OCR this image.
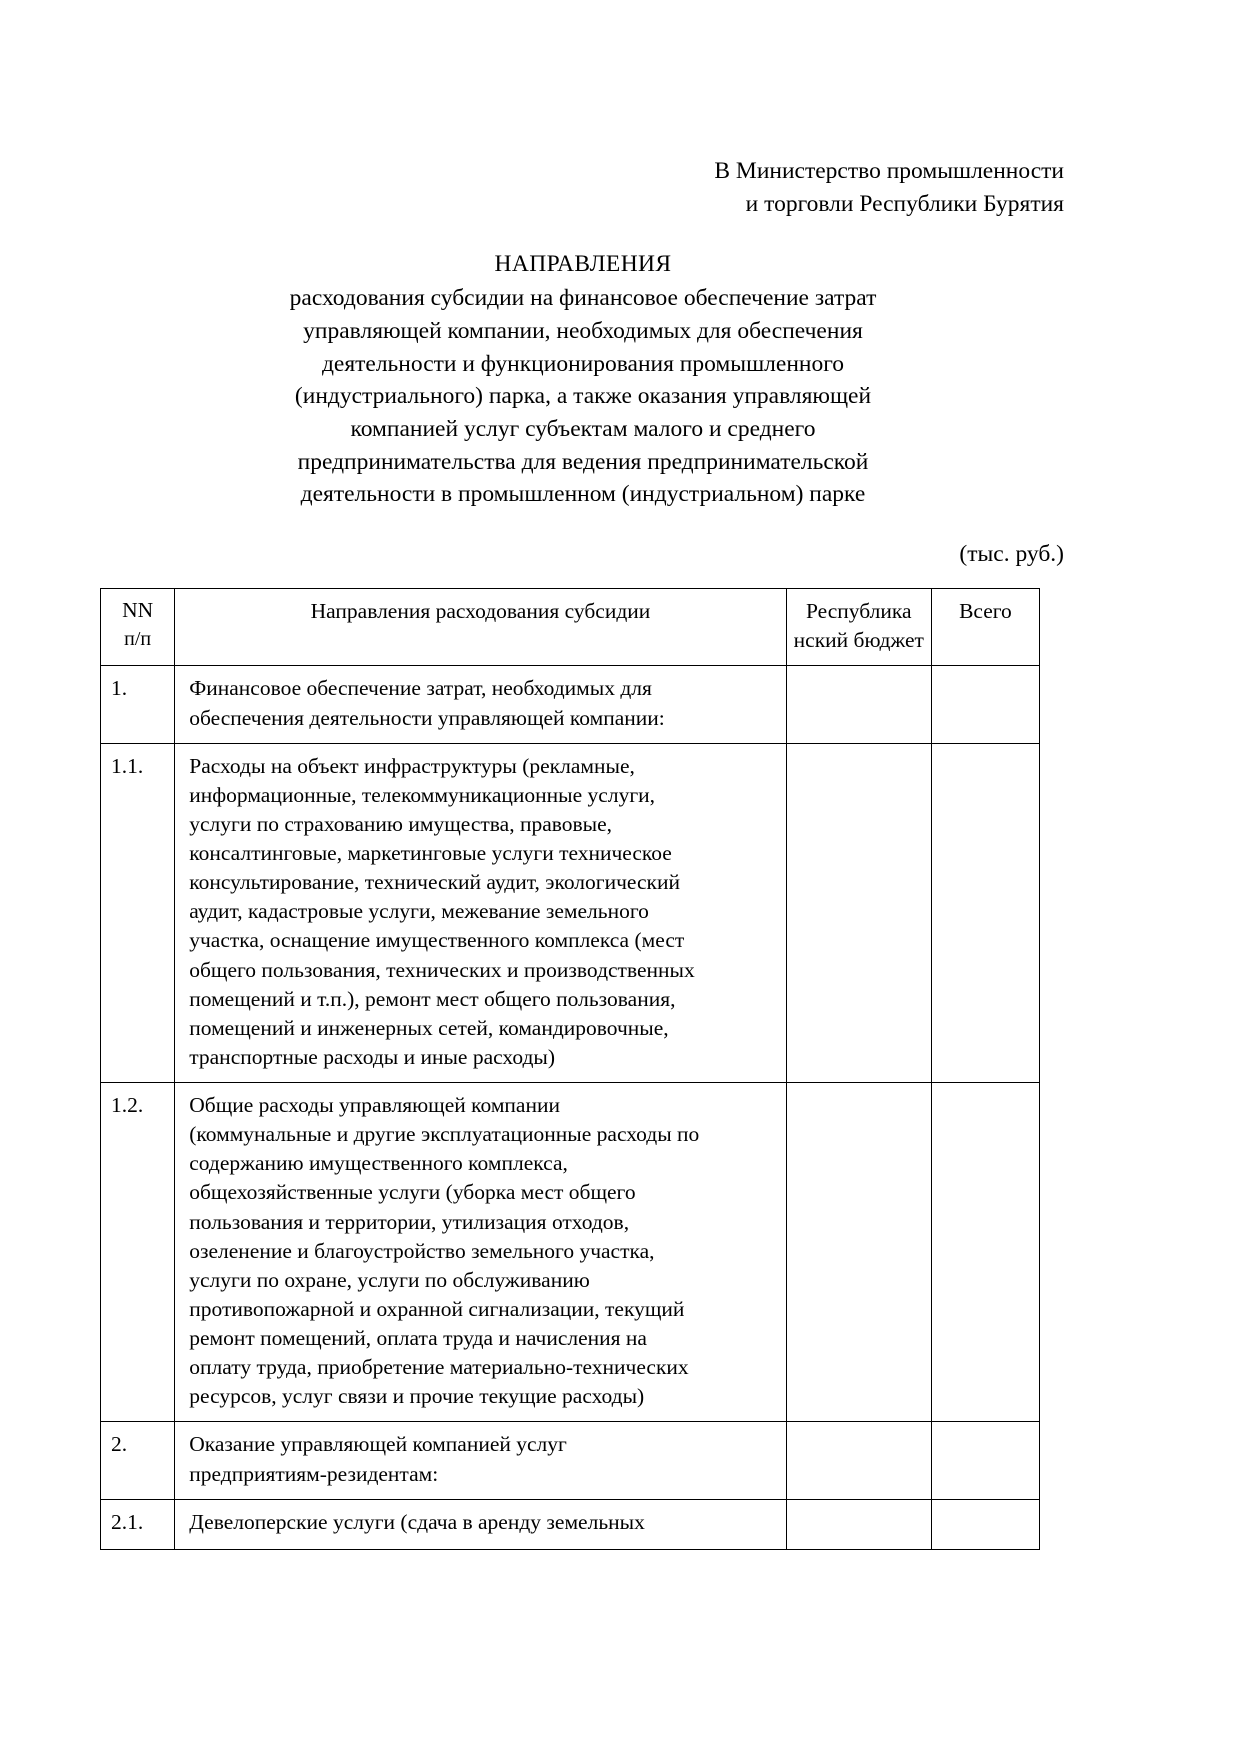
В Министерство промышленности
и торговли Республики Бурятия
НАПРАВЛЕНИЯ
расходования субсидии на финансовое обеспечение затрат
управляющей компании, необходимых для обеспечения
деятельности и функционирования промышленного
(индустриального) парка, а также оказания управляющей
компанией услуг субъектам малого и среднего
предпринимательства для ведения предпринимательской
деятельности в промышленном (индустриальном) парке
(тыс. руб.)
NN
п/п	Направления расходования субсидии	Республика нский бюджет	Всего
1.	Финансовое обеспечение затрат, необходимых для
обеспечения деятельности управляющей компании:		

1.1.	Расходы на объект инфраструктуры (рекламные,
информационные, телекоммуникационные услуги,
услуги по страхованию имущества, правовые,
консалтинговые, маркетинговые услуги техническое
консультирование, технический аудит, экологический
аудит, кадастровые услуги, межевание земельного
участка, оснащение имущественного комплекса (мест
общего пользования, технических и производственных
помещений и т.п.), ремонт мест общего пользования,
помещений и инженерных сетей, командировочные,
транспортные расходы и иные расходы)

1.2.	Общие расходы управляющей компании
(коммунальные и другие эксплуатационные расходы по
содержанию имущественного комплекса,
общехозяйственные услуги (уборка мест общего
пользования и территории, утилизация отходов,
озеленение и благоустройство земельного участка,
услуги по охране, услуги по обслуживанию
противопожарной и охранной сигнализации, текущий
ремонт помещений, оплата труда и начисления на
оплату труда, приобретение материально-технических
ресурсов, услуг связи и прочие текущие расходы)

2.	Оказание управляющей компанией услуг
предприятиям-резидентам:		

2.1.	Девелоперские услуги (сдача в аренду земельных		
